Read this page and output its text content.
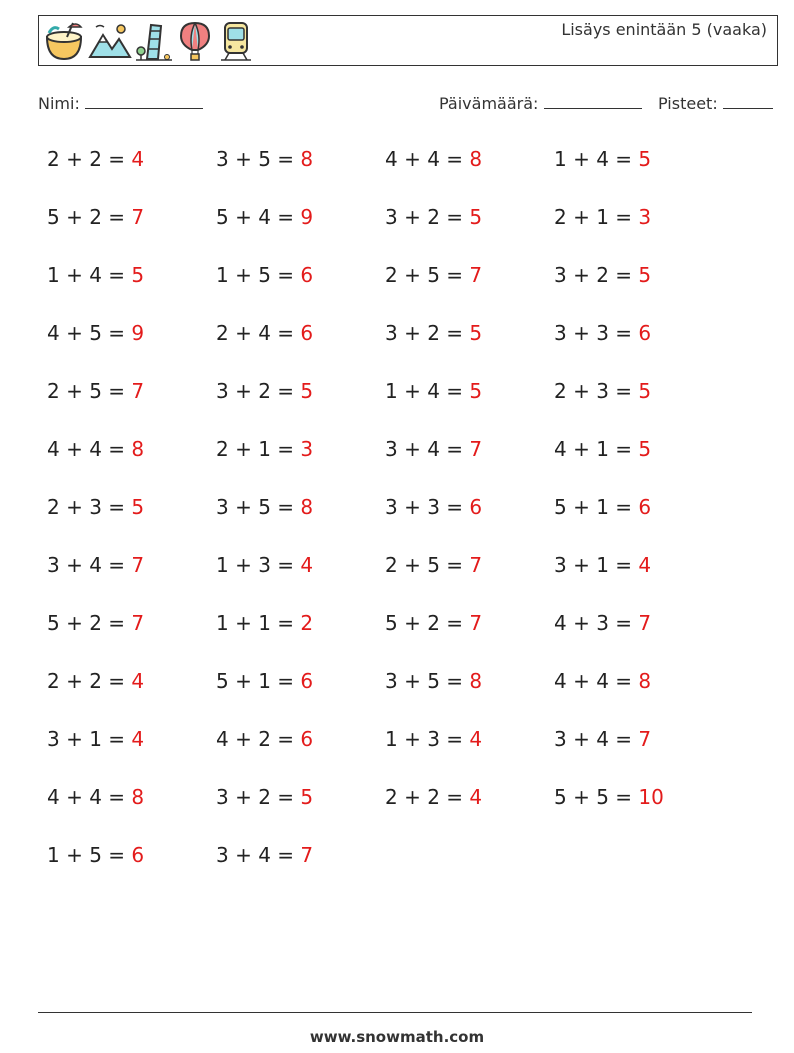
Lisäys enintään 5 (vaaka)
Nimi:	Päivämäärä:	Pisteet:
2 + 2 = 4	3 + 5 = 8	4 + 4 = 8	1 + 4 = 5
5 + 2 = 7	5 + 4 = 9	3 + 2 = 5	2 + 1 = 3
1 + 4 = 5	1 + 5 = 6	2 + 5 = 7	3 + 2 = 5
4 + 5 = 9	2 + 4 = 6	3 + 2 = 5	3 + 3 = 6
2 + 5 = 7	3 + 2 = 5	1 + 4 = 5	2 + 3 = 5
4 + 4 = 8	2 + 1 = 3	3 + 4 = 7	4 + 1 = 5
2 + 3 = 5	3 + 5 = 8	3 + 3 = 6	5 + 1 = 6
3 + 4 = 7	1 + 3 = 4	2 + 5 = 7	3 + 1 = 4
5 + 2 = 7	1 + 1 = 2	5 + 2 = 7	4 + 3 = 7
2 + 2 = 4	5 + 1 = 6	3 + 5 = 8	4 + 4 = 8
3 + 1 = 4	4 + 2 = 6	1 + 3 = 4	3 + 4 = 7
4 + 4 = 8	3 + 2 = 5	2 + 2 = 4	5 + 5 = 10
1 + 5 = 6	3 + 4 = 7
www.snowmath.com
